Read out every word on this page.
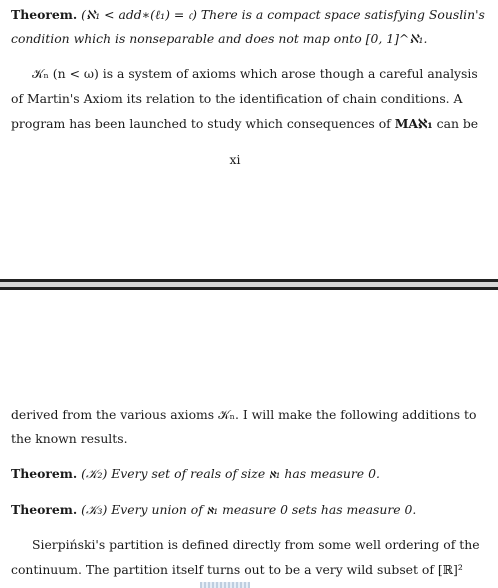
Theorem. (ℵ₁ < add∗(ℓ₁) = 𝔠) There is a compact space satisfying Souslin's
condition which is nonseparable and does not map onto [0, 1]^ℵ₁.
𝒦ₙ (n < ω) is a system of axioms which arose though a careful analysis
of Martin's Axiom its relation to the identification of chain conditions. A
program has been launched to study which consequences of MAℵ₁ can be
xi
derived from the various axioms 𝒦ₙ. I will make the following additions to
the known results.
Theorem. (𝒦₂) Every set of reals of size ℵ₁ has measure 0.
Theorem. (𝒦₃) Every union of ℵ₁ measure 0 sets has measure 0.
Sierpiński's partition is defined directly from some well ordering of the
continuum. The partition itself turns out to be a very wild subset of [ℝ]²
